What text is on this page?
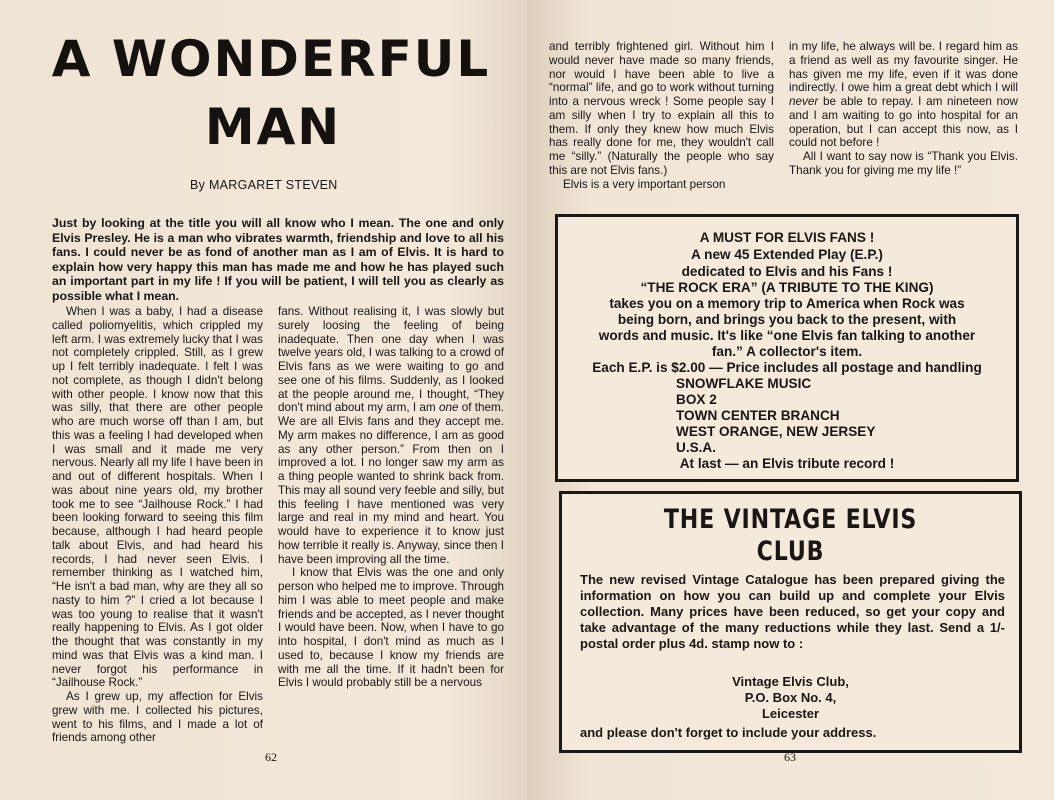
A WONDERFUL
MAN
By MARGARET STEVEN

Just by looking at the title you will all know who I mean. The one and only Elvis Presley. He is a man who vibrates warmth, friendship and love to all his fans. I could never be as fond of another man as I am of Elvis. It is hard to explain how very happy this man has made me and how he has played such an important part in my life ! If you will be patient, I will tell you as clearly as possible what I mean.

When I was a baby, I had a disease called poliomyelitis, which crippled my left arm. I was extremely lucky that I was not completely crippled. Still, as I grew up I felt terribly inadequate. I felt I was not complete, as though I didn't belong with other people. I know now that this was silly, that there are other people who are much worse off than I am, but this was a feeling I had developed when I was small and it made me very nervous. Nearly all my life I have been in and out of different hospitals. When I was about nine years old, my brother took me to see “Jailhouse Rock.” I had been looking forward to seeing this film because, although I had heard people talk about Elvis, and had heard his records, I had never seen Elvis. I remember thinking as I watched him, “He isn't a bad man, why are they all so nasty to him ?” I cried a lot because I was too young to realise that it wasn't really happening to Elvis. As I got older the thought that was constantly in my mind was that Elvis was a kind man. I never forgot his performance in “Jailhouse Rock.”

As I grew up, my affection for Elvis grew with me. I collected his pictures, went to his films, and I made a lot of friends among other

fans. Without realising it, I was slowly but surely loosing the feeling of being inadequate. Then one day when I was twelve years old, I was talking to a crowd of Elvis fans as we were waiting to go and see one of his films. Suddenly, as I looked at the people around me, I thought, “They don't mind about my arm, I am one of them. We are all Elvis fans and they accept me. My arm makes no difference, I am as good as any other person.” From then on I improved a lot. I no longer saw my arm as a thing people wanted to shrink back from. This may all sound very feeble and silly, but this feeling I have mentioned was very large and real in my mind and heart. You would have to experience it to know just how terrible it really is. Anyway, since then I have been improving all the time.

I know that Elvis was the one and only person who helped me to improve. Through him I was able to meet people and make friends and be accepted, as I never thought I would have been. Now, when I have to go into hospital, I don't mind as much as I used to, because I know my friends are with me all the time. If it hadn't been for Elvis I would probably still be a nervous

62

and terribly frightened girl. Without him I would never have made so many friends, nor would I have been able to live a “normal” life, and go to work without turning into a nervous wreck ! Some people say I am silly when I try to explain all this to them. If only they knew how much Elvis has really done for me, they wouldn't call me “silly.” (Naturally the people who say this are not Elvis fans.)

Elvis is a very important person

in my life, he always will be. I regard him as a friend as well as my favourite singer. He has given me my life, even if it was done indirectly. I owe him a great debt which I will never be able to repay. I am nineteen now and I am waiting to go into hospital for an operation, but I can accept this now, as I could not before !

All I want to say now is “Thank you Elvis. Thank you for giving me my life !”

A MUST FOR ELVIS FANS !
A new 45 Extended Play (E.P.)
dedicated to Elvis and his Fans !
“THE ROCK ERA” (A TRIBUTE TO THE KING)
takes you on a memory trip to America when Rock was
being born, and brings you back to the present, with
words and music. It's like “one Elvis fan talking to another
fan.” A collector's item.
Each E.P. is $2.00 — Price includes all postage and handling
SNOWFLAKE MUSIC
BOX 2
TOWN CENTER BRANCH
WEST ORANGE, NEW JERSEY
U.S.A.
At last — an Elvis tribute record !
THE VINTAGE ELVIS
CLUB

The new revised Vintage Catalogue has been prepared giving the information on how you can build up and complete your Elvis collection. Many prices have been reduced, so get your copy and take advantage of the many reductions while they last. Send a 1/- postal order plus 4d. stamp now to :

Vintage Elvis Club,
P.O. Box No. 4,
Leicester
and please don't forget to include your address.
63
